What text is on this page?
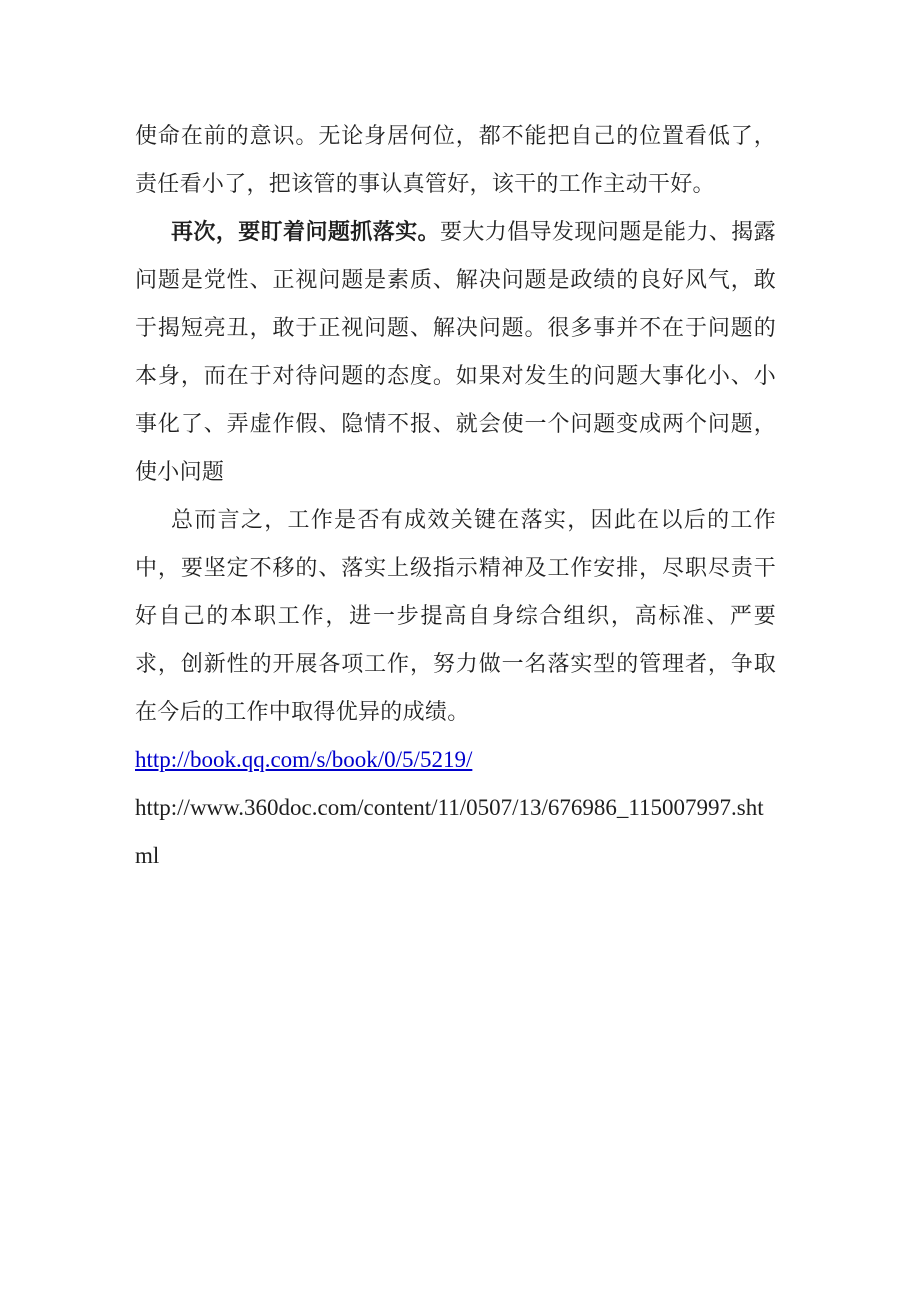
使命在前的意识。无论身居何位，都不能把自己的位置看低了，责任看小了，把该管的事认真管好，该干的工作主动干好。

再次，要盯着问题抓落实。要大力倡导发现问题是能力、揭露问题是党性、正视问题是素质、解决问题是政绩的良好风气，敢于揭短亮丑，敢于正视问题、解决问题。很多事并不在于问题的本身，而在于对待问题的态度。如果对发生的问题大事化小、小事化了、弄虚作假、隐情不报、就会使一个问题变成两个问题，使小问题

总而言之，工作是否有成效关键在落实，因此在以后的工作中，要坚定不移的、落实上级指示精神及工作安排，尽职尽责干好自己的本职工作，进一步提高自身综合组织，高标准、严要求，创新性的开展各项工作，努力做一名落实型的管理者，争取在今后的工作中取得优异的成绩。

http://book.qq.com/s/book/0/5/5219/

http://www.360doc.com/content/11/0507/13/676986_115007997.shtml
